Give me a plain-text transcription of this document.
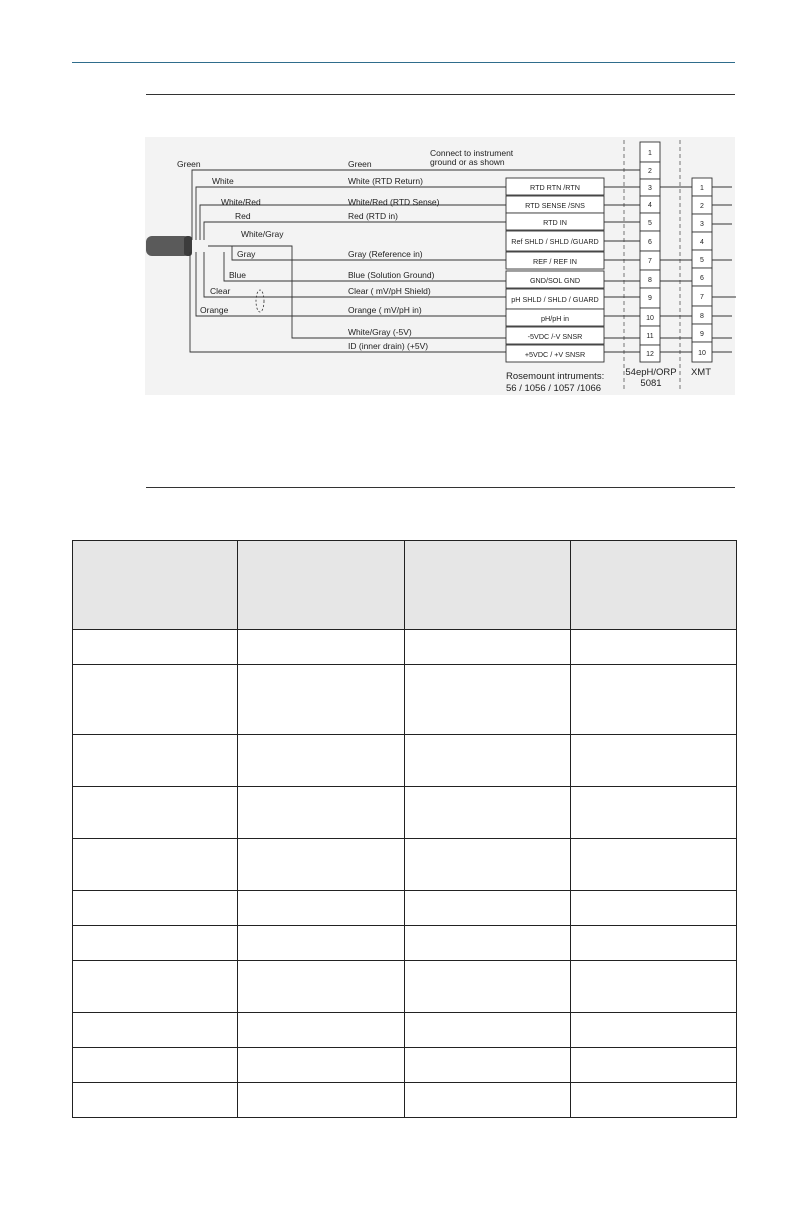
Connect to instrument
ground or as shown
Green
White
White/Red
Red
White/Gray
Gray
Blue
Clear
Orange
Green
White (RTD Return)
White/Red (RTD Sense)
Red (RTD in)
Gray (Reference in)
Blue (Solution Ground)
Clear ( mV/pH Shield)
Orange ( mV/pH in)
White/Gray (-5V)
ID (inner drain) (+5V)
RTD RTN /RTN
RTD SENSE /SNS
RTD IN
Ref SHLD / SHLD /GUARD
REF / REF IN
GND/SOL GND
pH SHLD / SHLD / GUARD
pH/pH in
-5VDC /-V SNSR
+5VDC / +V SNSR
1
2
3
4
5
6
7
8
9
10
11
12
1
2
3
4
5
6
7
8
9
10
Rosemount intruments:
56 / 1056 / 1057 /1066
54epH/ORP
5081
XMT
